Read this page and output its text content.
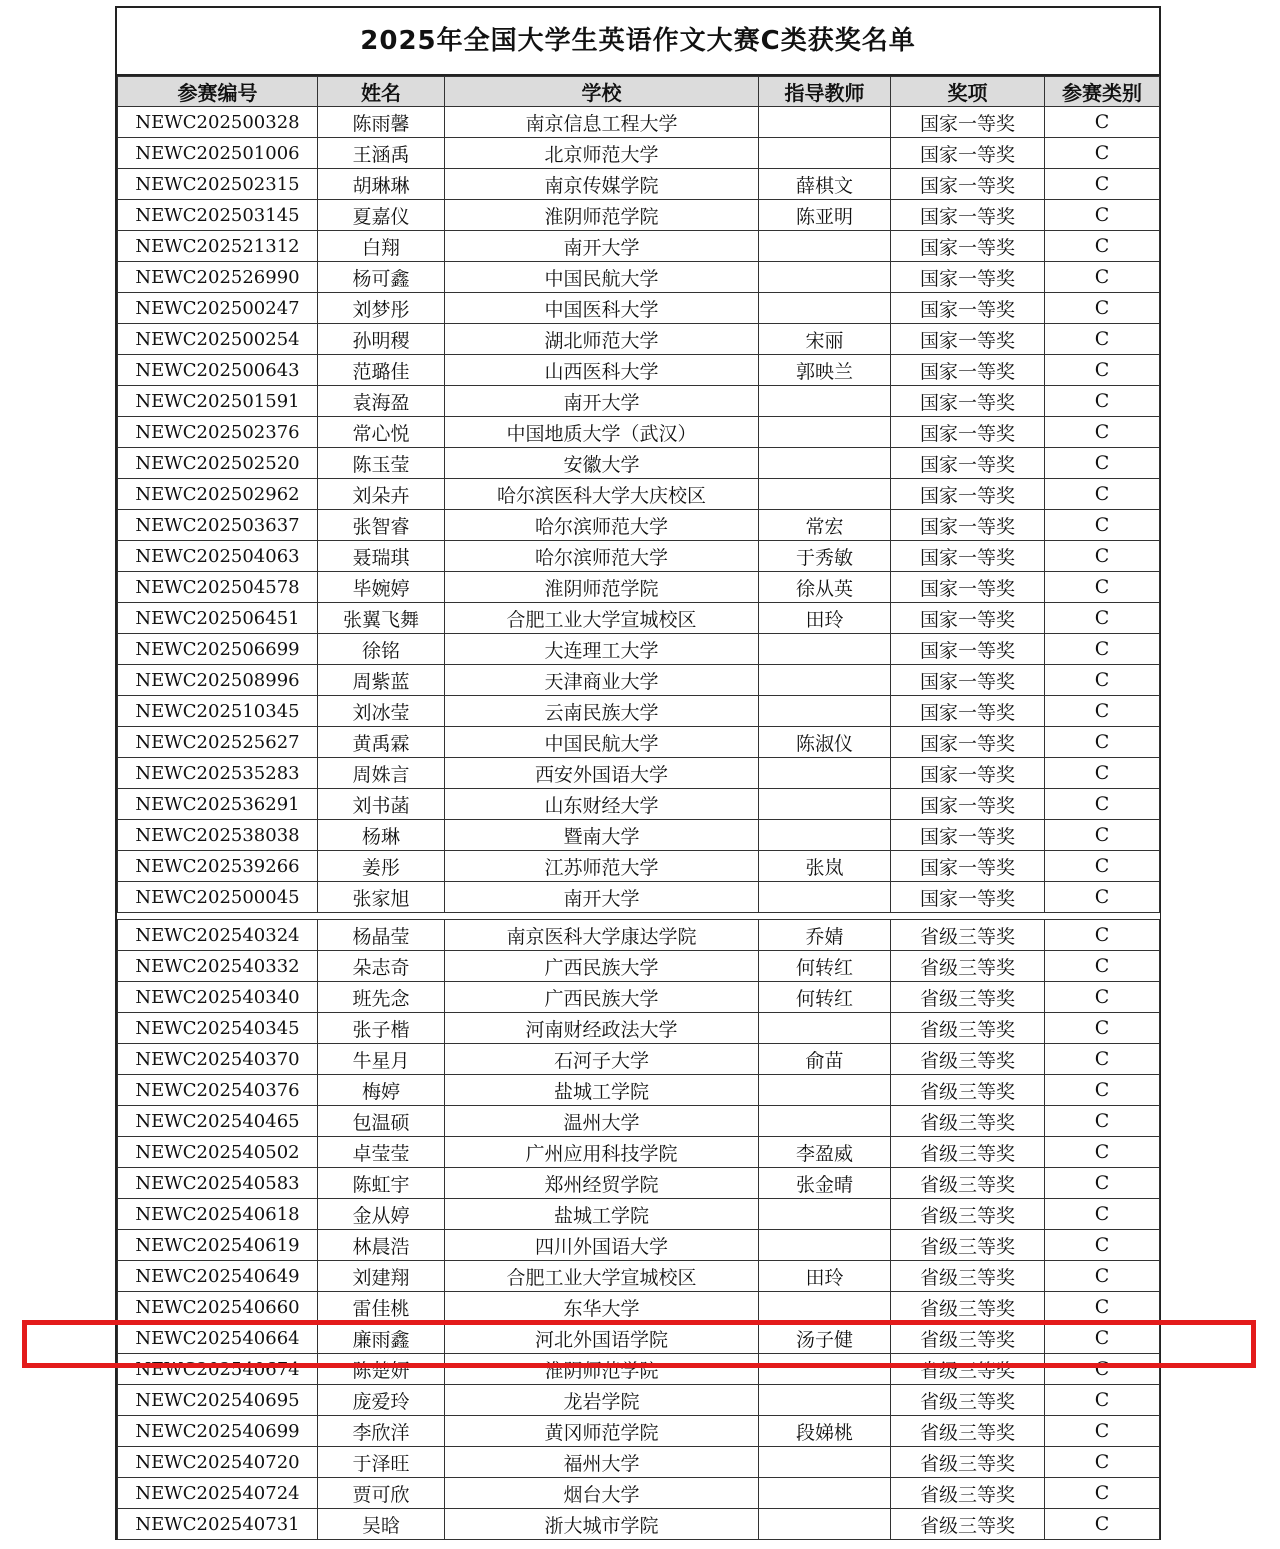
2025年全国大学生英语作文大赛C类获奖名单
参赛编号	姓名	学校	指导教师	奖项	参赛类别
NEWC202500328	陈雨馨	南京信息工程大学		国家一等奖	C
NEWC202501006	王涵禹	北京师范大学		国家一等奖	C
NEWC202502315	胡琳琳	南京传媒学院	薛棋文	国家一等奖	C
NEWC202503145	夏嘉仪	淮阴师范学院	陈亚明	国家一等奖	C
NEWC202521312	白翔	南开大学		国家一等奖	C
NEWC202526990	杨可鑫	中国民航大学		国家一等奖	C
NEWC202500247	刘梦彤	中国医科大学		国家一等奖	C
NEWC202500254	孙明稷	湖北师范大学	宋丽	国家一等奖	C
NEWC202500643	范璐佳	山西医科大学	郭映兰	国家一等奖	C
NEWC202501591	袁海盈	南开大学		国家一等奖	C
NEWC202502376	常心悦	中国地质大学（武汉）		国家一等奖	C
NEWC202502520	陈玉莹	安徽大学		国家一等奖	C
NEWC202502962	刘朵卉	哈尔滨医科大学大庆校区		国家一等奖	C
NEWC202503637	张智睿	哈尔滨师范大学	常宏	国家一等奖	C
NEWC202504063	聂瑞琪	哈尔滨师范大学	于秀敏	国家一等奖	C
NEWC202504578	毕婉婷	淮阴师范学院	徐从英	国家一等奖	C
NEWC202506451	张翼飞舞	合肥工业大学宣城校区	田玲	国家一等奖	C
NEWC202506699	徐铭	大连理工大学		国家一等奖	C
NEWC202508996	周紫蓝	天津商业大学		国家一等奖	C
NEWC202510345	刘冰莹	云南民族大学		国家一等奖	C
NEWC202525627	黄禹霖	中国民航大学	陈淑仪	国家一等奖	C
NEWC202535283	周姝言	西安外国语大学		国家一等奖	C
NEWC202536291	刘书菡	山东财经大学		国家一等奖	C
NEWC202538038	杨琳	暨南大学		国家一等奖	C
NEWC202539266	姜彤	江苏师范大学	张岚	国家一等奖	C
NEWC202500045	张家旭	南开大学		国家一等奖	C

NEWC202540324	杨晶莹	南京医科大学康达学院	乔婧	省级三等奖	C
NEWC202540332	朵志奇	广西民族大学	何转红	省级三等奖	C
NEWC202540340	班先念	广西民族大学	何转红	省级三等奖	C
NEWC202540345	张子楷	河南财经政法大学		省级三等奖	C
NEWC202540370	牛星月	石河子大学	俞苗	省级三等奖	C
NEWC202540376	梅婷	盐城工学院		省级三等奖	C
NEWC202540465	包温硕	温州大学		省级三等奖	C
NEWC202540502	卓莹莹	广州应用科技学院	李盈威	省级三等奖	C
NEWC202540583	陈虹宇	郑州经贸学院	张金晴	省级三等奖	C
NEWC202540618	金从婷	盐城工学院		省级三等奖	C
NEWC202540619	林晨浩	四川外国语大学		省级三等奖	C
NEWC202540649	刘建翔	合肥工业大学宣城校区	田玲	省级三等奖	C
NEWC202540660	雷佳桃	东华大学		省级三等奖	C
NEWC202540664	廉雨鑫	河北外国语学院	汤子健	省级三等奖	C
NEWC202540674	陈楚妍	淮阴师范学院		省级三等奖	C
NEWC202540695	庞爱玲	龙岩学院		省级三等奖	C
NEWC202540699	李欣洋	黄冈师范学院	段娣桃	省级三等奖	C
NEWC202540720	于泽旺	福州大学		省级三等奖	C
NEWC202540724	贾可欣	烟台大学		省级三等奖	C
NEWC202540731	吴晗	浙大城市学院		省级三等奖	C
